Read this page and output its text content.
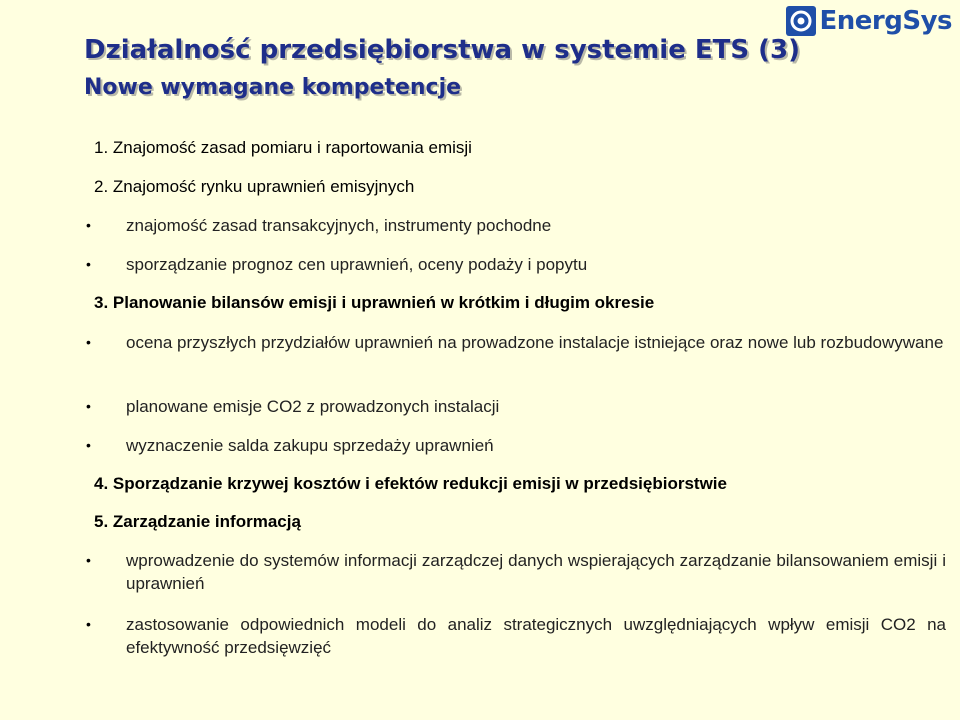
EnergSys
Działalność przedsiębiorstwa w systemie ETS (3)
Nowe wymagane kompetencje
1. Znajomość zasad pomiaru i raportowania emisji
2. Znajomość rynku uprawnień emisyjnych
• znajomość zasad transakcyjnych, instrumenty pochodne
• sporządzanie prognoz cen uprawnień, oceny podaży i popytu
3. Planowanie bilansów emisji i uprawnień w krótkim i długim okresie
• ocena przyszłych przydziałów uprawnień na prowadzone instalacje istniejące oraz nowe lub rozbudowywane
• planowane emisje CO2 z prowadzonych instalacji
• wyznaczenie salda zakupu sprzedaży uprawnień
4. Sporządzanie krzywej kosztów i efektów redukcji emisji w przedsiębiorstwie
5. Zarządzanie informacją
• wprowadzenie do systemów informacji zarządczej danych wspierających zarządzanie bilansowaniem emisji i uprawnień
• zastosowanie odpowiednich modeli do analiz strategicznych uwzględniających wpływ emisji CO2 na efektywność przedsięwzięć
